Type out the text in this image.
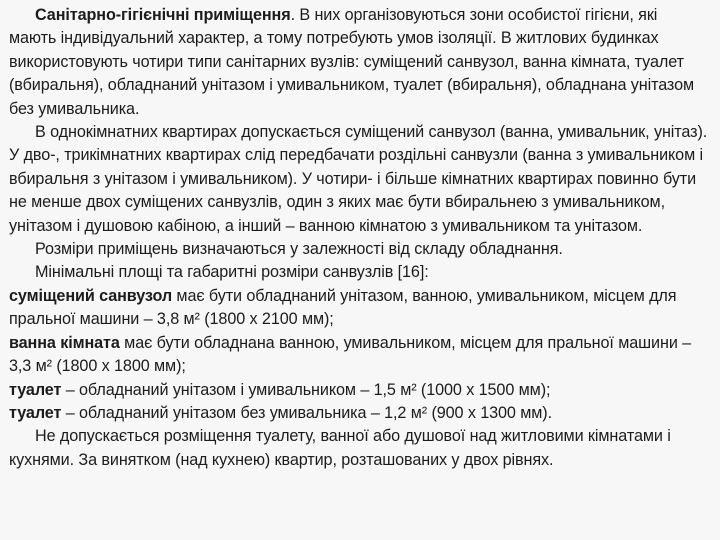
Санітарно-гігієнічні приміщення. В них організовуються зони особистої гігієни, які мають індивідуальний характер, а тому потребують умов ізоляції. В житлових будинках використовують чотири типи санітарних вузлів: суміщений санвузол, ванна кімната, туалет (вбиральня), обладнаний унітазом і умивальником, туалет (вбиральня), обладнана унітазом без умивальника.

В однокімнатних квартирах допускається суміщений санвузол (ванна, умивальник, унітаз). У дво-, трикімнатних квартирах слід передбачати роздільні санвузли (ванна з умивальником і вбиральня з унітазом і умивальником). У чотири- і більше кімнатних квартирах повинно бути не менше двох суміщених санвузлів, один з яких має бути вбиральнею з умивальником, унітазом і душовою кабіною, а інший – ванною кімнатою з умивальником та унітазом.

Розміри приміщень визначаються у залежності від складу обладнання.

Мінімальні площі та габаритні розміри санвузлів [16]:

суміщений санвузол має бути обладнаний унітазом, ванною, умивальником, місцем для пральної машини – 3,8 м² (1800 х 2100 мм);

ванна кімната має бути обладнана ванною, умивальником, місцем для пральної машини – 3,3 м² (1800 х 1800 мм);

туалет – обладнаний унітазом і умивальником – 1,5 м² (1000 х 1500 мм);

туалет – обладнаний унітазом без умивальника – 1,2 м² (900 х 1300 мм).

Не допускається розміщення туалету, ванної або душової над житловими кімнатами і кухнями. За винятком (над кухнею) квартир, розташованих у двох рівнях.
